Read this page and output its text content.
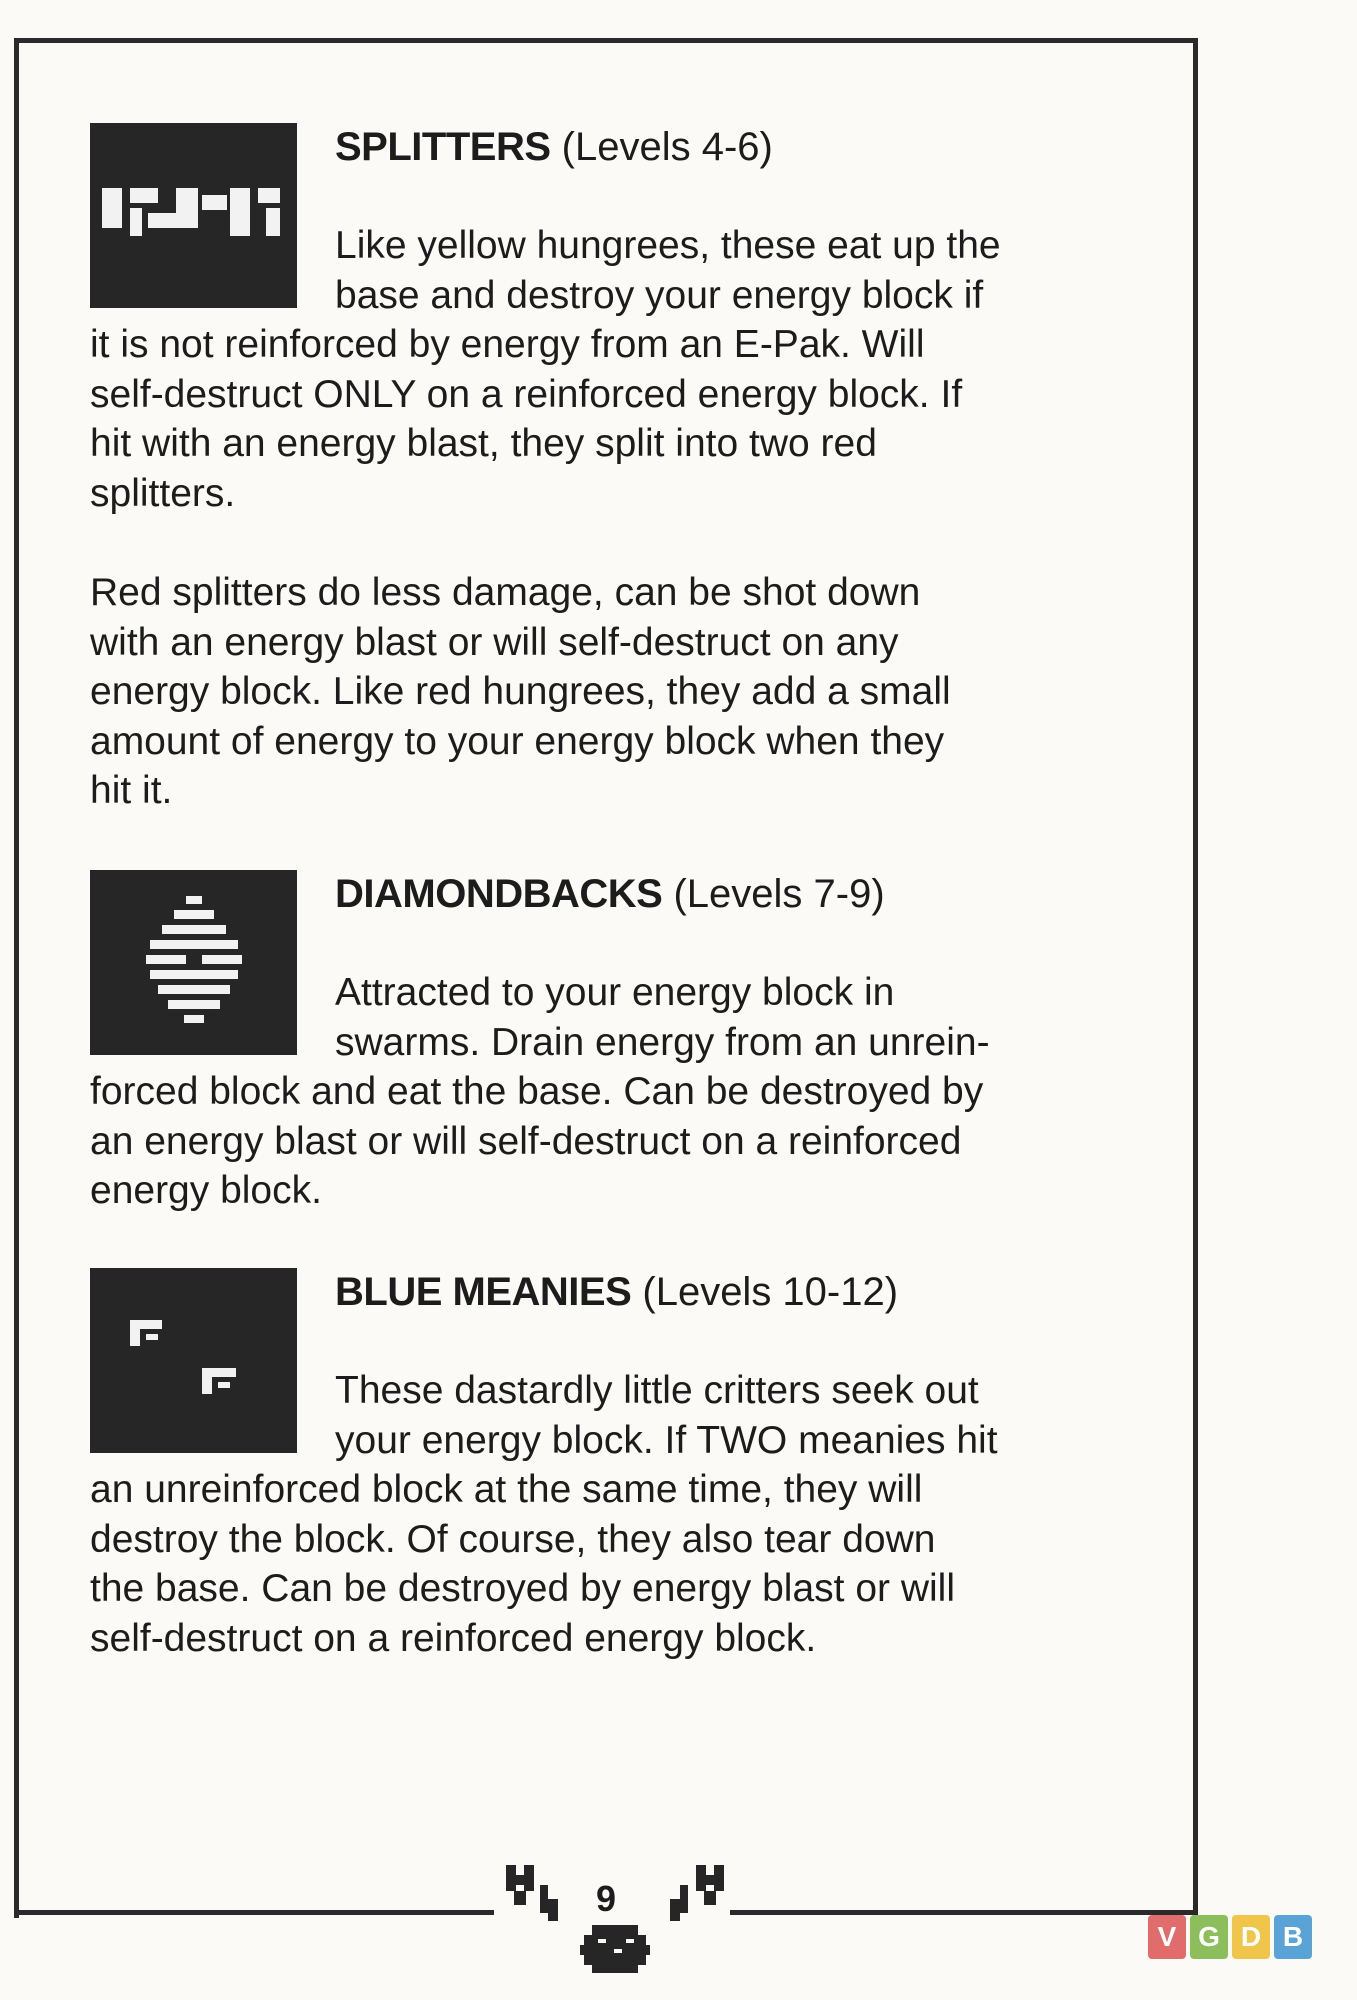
SPLITTERS (Levels 4-6)

Like yellow hungrees, these eat up the

base and destroy your energy block if

it is not reinforced by energy from an E-Pak. Will

self-destruct ONLY on a reinforced energy block. If

hit with an energy blast, they split into two red

splitters.

Red splitters do less damage, can be shot down

with an energy blast or will self-destruct on any

energy block. Like red hungrees, they add a small

amount of energy to your energy block when they

hit it.

DIAMONDBACKS (Levels 7-9)

Attracted to your energy block in

swarms. Drain energy from an unrein-

forced block and eat the base. Can be destroyed by

an energy blast or will self-destruct on a reinforced

energy block.

BLUE MEANIES (Levels 10-12)

These dastardly little critters seek out

your energy block. If TWO meanies hit

an unreinforced block at the same time, they will

destroy the block. Of course, they also tear down

the base. Can be destroyed by energy blast or will

self-destruct on a reinforced energy block.

9
V G D B
